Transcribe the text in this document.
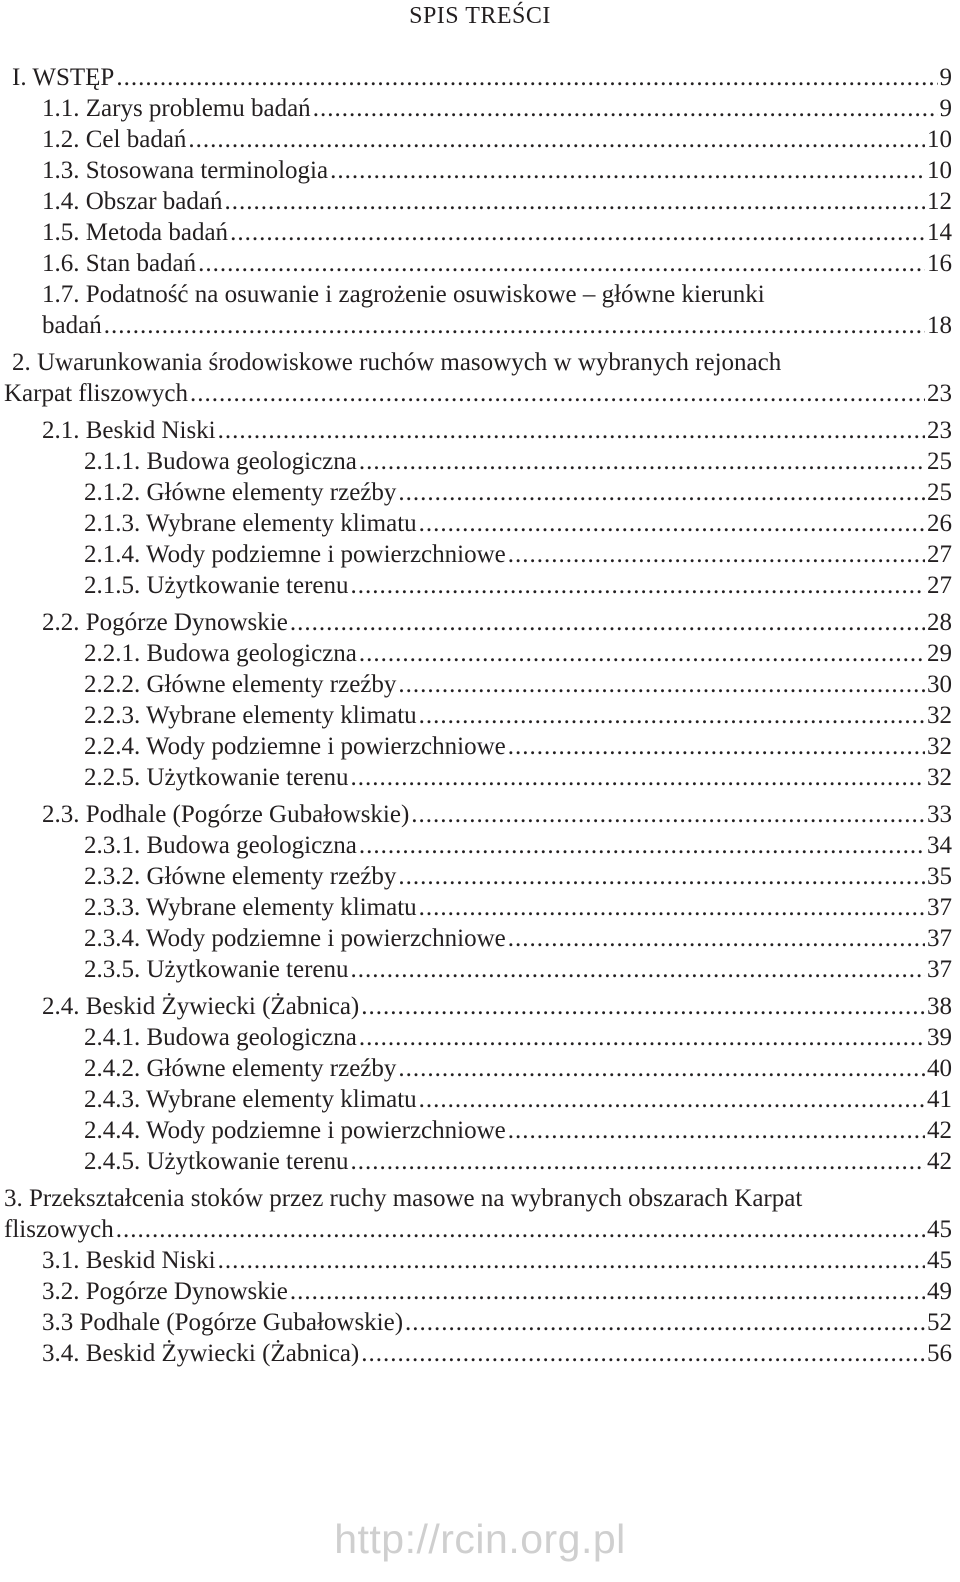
SPIS TREŚCI
I. WSTĘP .....	9
1.1. Zarys problemu badań .....	9
1.2. Cel badań .....	10
1.3. Stosowana terminologia .....	10
1.4. Obszar badań .....	12
1.5. Metoda badań .....	14
1.6. Stan badań .....	16
1.7. Podatność na osuwanie i zagrożenie osuwiskowe – główne kierunki
badań .....	18
2. Uwarunkowania środowiskowe ruchów masowych w wybranych rejonach
Karpat fliszowych .....	23
2.1. Beskid Niski .....	23
2.1.1. Budowa geologiczna .....	25
2.1.2. Główne elementy rzeźby .....	25
2.1.3. Wybrane elementy klimatu .....	26
2.1.4. Wody podziemne i powierzchniowe .....	27
2.1.5. Użytkowanie terenu .....	27
2.2. Pogórze Dynowskie .....	28
2.2.1. Budowa geologiczna .....	29
2.2.2. Główne elementy rzeźby .....	30
2.2.3. Wybrane elementy klimatu .....	32
2.2.4. Wody podziemne i powierzchniowe .....	32
2.2.5. Użytkowanie terenu .....	32
2.3. Podhale (Pogórze Gubałowskie) .....	33
2.3.1. Budowa geologiczna .....	34
2.3.2. Główne elementy rzeźby .....	35
2.3.3. Wybrane elementy klimatu .....	37
2.3.4. Wody podziemne i powierzchniowe .....	37
2.3.5. Użytkowanie terenu .....	37
2.4. Beskid Żywiecki (Żabnica) .....	38
2.4.1. Budowa geologiczna .....	39
2.4.2. Główne elementy rzeźby .....	40
2.4.3. Wybrane elementy klimatu .....	41
2.4.4. Wody podziemne i powierzchniowe .....	42
2.4.5. Użytkowanie terenu .....	42
3. Przekształcenia stoków przez ruchy masowe na wybranych obszarach Karpat
fliszowych .....	45
3.1. Beskid Niski .....	45
3.2. Pogórze Dynowskie .....	49
3.3 Podhale (Pogórze Gubałowskie) .....	52
3.4. Beskid Żywiecki (Żabnica) .....	56
http://rcin.org.pl
